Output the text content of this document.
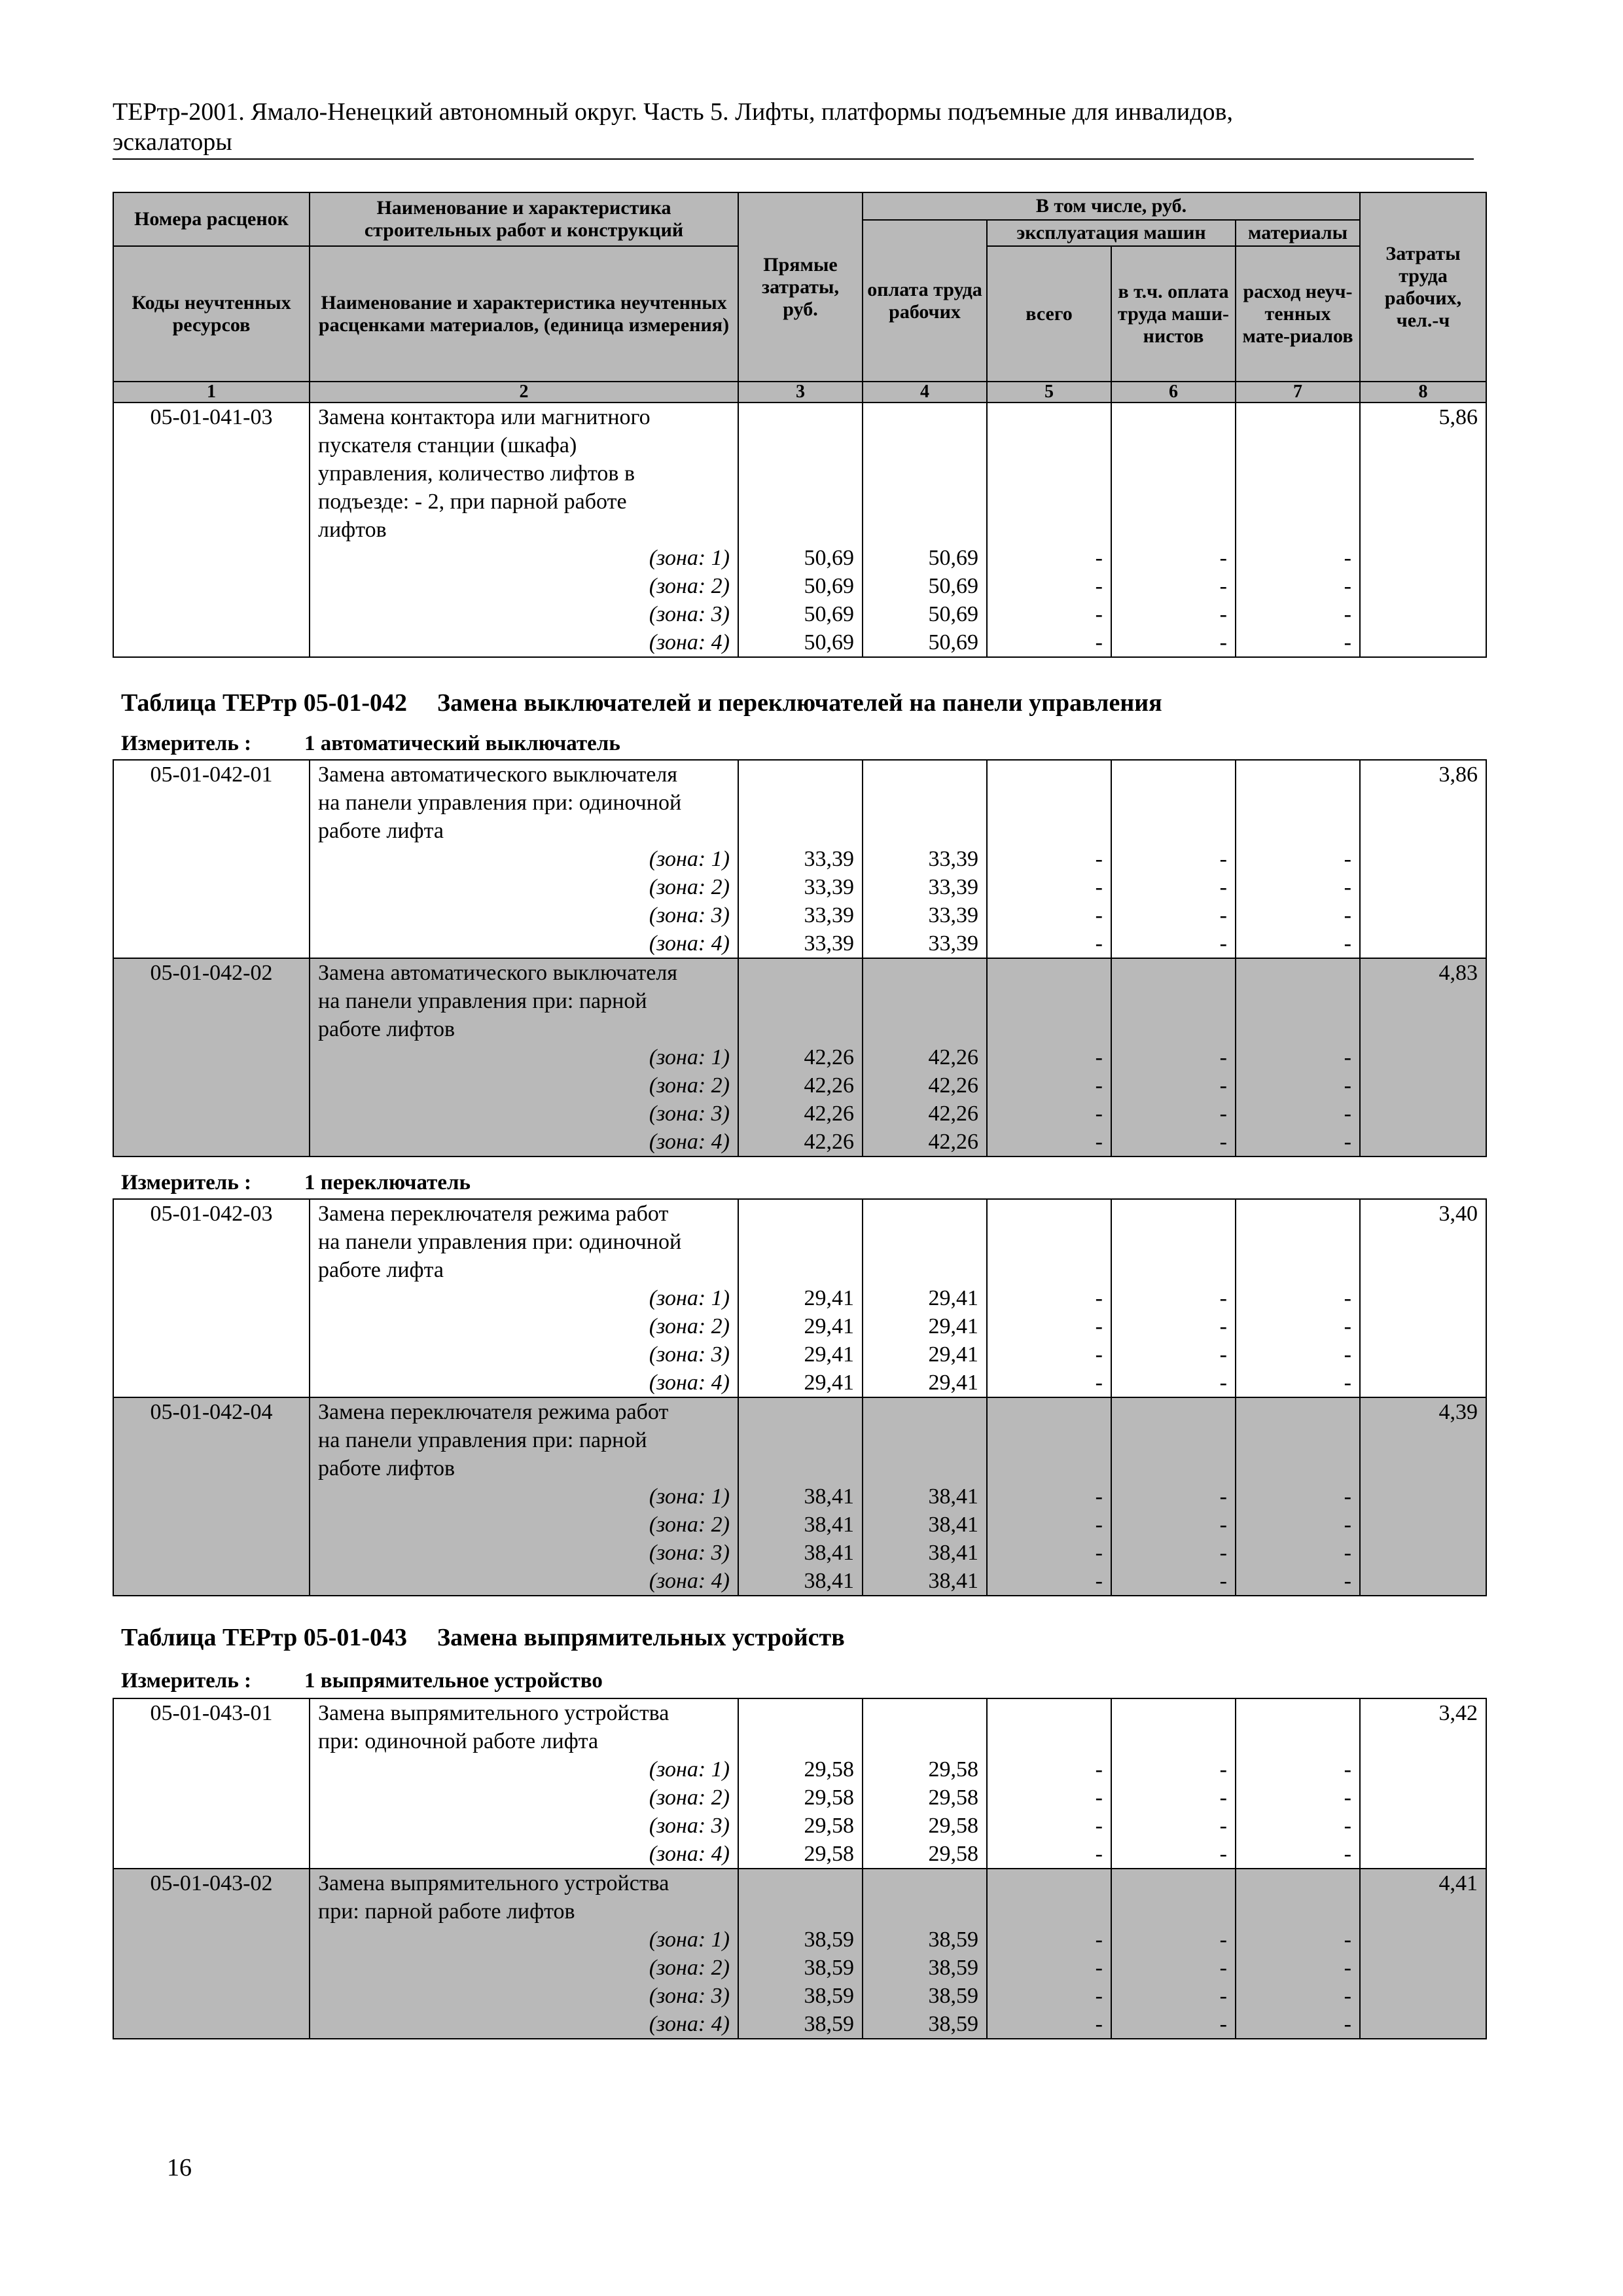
ТЕРтр-2001. Ямало-Ненецкий автономный округ. Часть 5. Лифты, платформы подъемные для инвалидов,
эскалаторы
Номера расценок	Наименование и характеристика строительных работ и конструкций	Прямые затраты, руб.	В том числе, руб.				Затраты труда рабочих, чел.-ч
			оплата труда рабочих	эксплуатация машин		материалы	
Коды неучтенных ресурсов	Наименование и характеристика неучтенных расценками материалов, (единица измерения)			всего	в т.ч. оплата труда маши-нистов	расход неуч-тенных мате-риалов	

1	2	3	4	5	6	7	8
05-01-041-03	Замена контактора или магнитного						5,86
	пускателя станции (шкафа)						
	управления, количество лифтов в						
	подъезде: - 2, при парной работе						
	лифтов						
	(зона: 1)	50,69	50,69	-	-	-	
	(зона: 2)	50,69	50,69	-	-	-	
	(зона: 3)	50,69	50,69	-	-	-	
	(зона: 4)	50,69	50,69	-	-	-	
Таблица ТЕРтр 05-01-042 Замена выключателей и переключателей на панели управления
Измеритель : 1 автоматический выключатель
05-01-042-01	Замена автоматического выключателя						3,86
	на панели управления при: одиночной						
	работе лифта						
	(зона: 1)	33,39	33,39	-	-	-	
	(зона: 2)	33,39	33,39	-	-	-	
	(зона: 3)	33,39	33,39	-	-	-	
	(зона: 4)	33,39	33,39	-	-	-	
05-01-042-02	Замена автоматического выключателя						4,83
	на панели управления при: парной						
	работе лифтов						
	(зона: 1)	42,26	42,26	-	-	-	
	(зона: 2)	42,26	42,26	-	-	-	
	(зона: 3)	42,26	42,26	-	-	-	
	(зона: 4)	42,26	42,26	-	-	-	
Измеритель : 1 переключатель
05-01-042-03	Замена переключателя режима работ						3,40
	на панели управления при: одиночной						
	работе лифта						
	(зона: 1)	29,41	29,41	-	-	-	
	(зона: 2)	29,41	29,41	-	-	-	
	(зона: 3)	29,41	29,41	-	-	-	
	(зона: 4)	29,41	29,41	-	-	-	
05-01-042-04	Замена переключателя режима работ						4,39
	на панели управления при: парной						
	работе лифтов						
	(зона: 1)	38,41	38,41	-	-	-	
	(зона: 2)	38,41	38,41	-	-	-	
	(зона: 3)	38,41	38,41	-	-	-	
	(зона: 4)	38,41	38,41	-	-	-	
Таблица ТЕРтр 05-01-043 Замена выпрямительных устройств
Измеритель : 1 выпрямительное устройство
05-01-043-01	Замена выпрямительного устройства						3,42
	при: одиночной работе лифта						
	(зона: 1)	29,58	29,58	-	-	-	
	(зона: 2)	29,58	29,58	-	-	-	
	(зона: 3)	29,58	29,58	-	-	-	
	(зона: 4)	29,58	29,58	-	-	-	
05-01-043-02	Замена выпрямительного устройства						4,41
	при: парной работе лифтов						
	(зона: 1)	38,59	38,59	-	-	-	
	(зона: 2)	38,59	38,59	-	-	-	
	(зона: 3)	38,59	38,59	-	-	-	
	(зона: 4)	38,59	38,59	-	-	-	
16
